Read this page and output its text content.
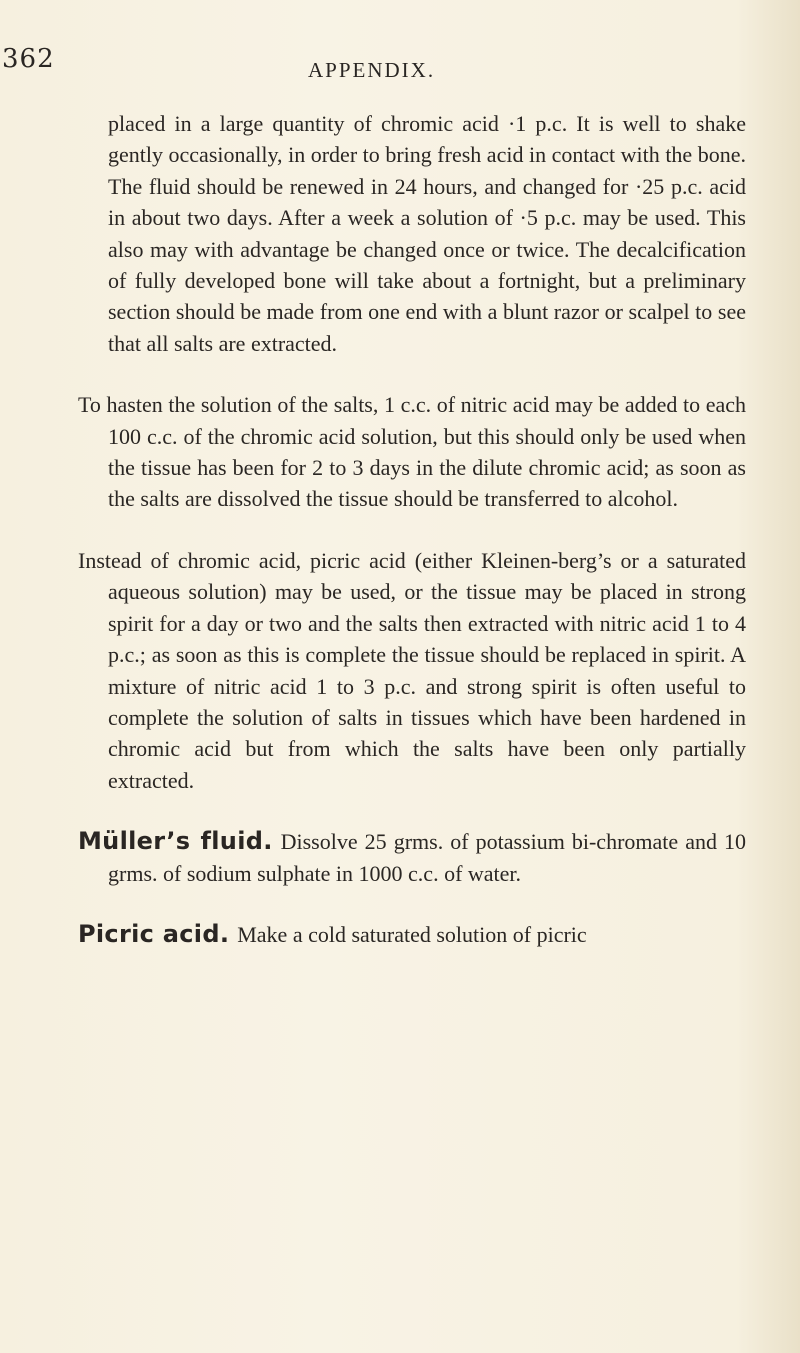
362	APPENDIX.

placed in a large quantity of chromic acid ·1 p.c. It is well to shake gently occasionally, in order to bring fresh acid in contact with the bone. The fluid should be renewed in 24 hours, and changed for ·25 p.c. acid in about two days. After a week a solution of ·5 p.c. may be used. This also may with advantage be changed once or twice. The decalcification of fully developed bone will take about a fortnight, but a preliminary section should be made from one end with a blunt razor or scalpel to see that all salts are extracted.

To hasten the solution of the salts, 1 c.c. of nitric acid may be added to each 100 c.c. of the chromic acid solution, but this should only be used when the tissue has been for 2 to 3 days in the dilute chromic acid; as soon as the salts are dissolved the tissue should be transferred to alcohol.

Instead of chromic acid, picric acid (either Kleinen-berg’s or a saturated aqueous solution) may be used, or the tissue may be placed in strong spirit for a day or two and the salts then extracted with nitric acid 1 to 4 p.c.; as soon as this is complete the tissue should be replaced in spirit. A mixture of nitric acid 1 to 3 p.c. and strong spirit is often useful to complete the solution of salts in tissues which have been hardened in chromic acid but from which the salts have been only partially extracted.

Müller’s fluid. Dissolve 25 grms. of potassium bi-chromate and 10 grms. of sodium sulphate in 1000 c.c. of water.

Picric acid. Make a cold saturated solution of picric
